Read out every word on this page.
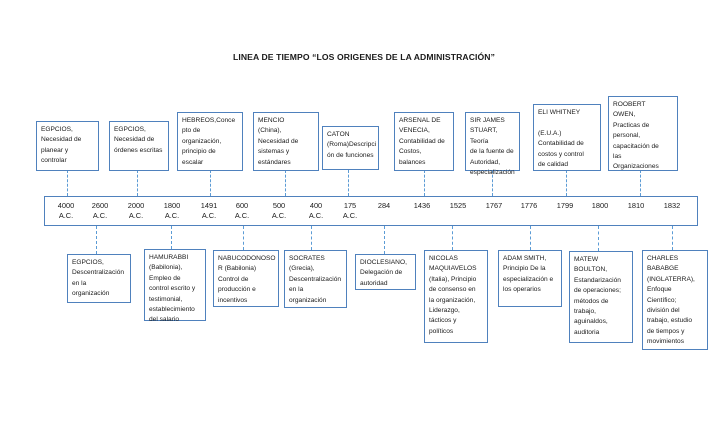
LINEA DE TIEMPO “LOS ORIGENES DE LA ADMINISTRACIÓN”
EGPCIOS,
Necesidad de
planear y
controlar
EGPCIOS,
Necesidad de
órdenes escritas
HEBREOS,Conce
pto de
organización,
principio de
escalar
MENCIO
(China),
Necesidad de
sistemas y
estándares
CATON
(Roma)Descripci
ón de funciones
ARSENAL DE
VENECIA,
Contabilidad de
Costos,
balances
SIR JAMES
STUART, Teoría
de la fuente de
Autoridad,
especialización
ELI WHITNEY

(E.U.A.)
Contabilidad de
costos y control
de calidad
ROOBERT
OWEN,
Practicas de
personal,
capacitación de
las
Organizaciones
4000
A.C.
2600
A.C.
2000
A.C.
1800
A.C.
1491
A.C.
600
A.C.
500
A.C.
400
A.C.
175
A.C.
284	1436	1525	1767	1776	1799	1800	1810	1832
EGPCIOS,
Descentralización
en la
organización
HAMURABBI
(Babilonia),
Empleo de
control escrito y
testimonial,
establecimiento
del salario
NABUCODONOSO
R (Babilonia)
Control de
producción e
incentivos
SOCRATES
(Grecia),
Descentralización
en la
organización
DIOCLESIANO,
Delegación de
autoridad
NICOLAS
MAQUIAVELOS
(Italia), Principio
de consenso en
la organización,
Liderazgo,
tácticos y
políticos
ADAM SMITH,
Principio De la
especialización e
los operarios
MATEW
BOULTON,
Estandarización
de operaciones;
métodos de
trabajo,
aguinaldos,
auditoria
CHARLES
BABABGE
(INGLATERRA),
Enfoque
Científico;
división del
trabajo, estudio
de tiempos y
movimientos
